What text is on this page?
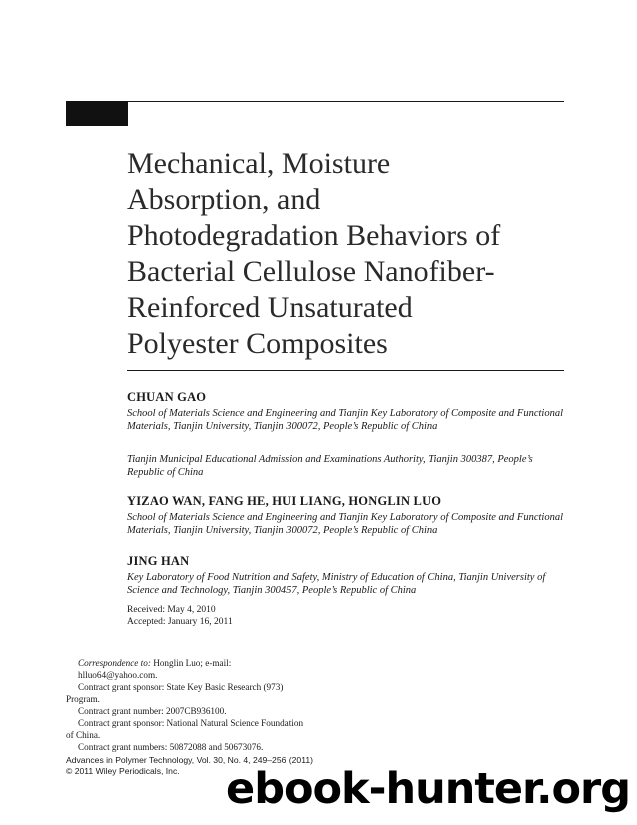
Mechanical, Moisture
Absorption, and
Photodegradation Behaviors of
Bacterial Cellulose Nanofiber-
Reinforced Unsaturated
Polyester Composites

CHUAN GAO

School of Materials Science and Engineering and Tianjin Key Laboratory of Composite and Functional
Materials, Tianjin University, Tianjin 300072, People’s Republic of China

Tianjin Municipal Educational Admission and Examinations Authority, Tianjin 300387, People’s
Republic of China

YIZAO WAN, FANG HE, HUI LIANG, HONGLIN LUO

School of Materials Science and Engineering and Tianjin Key Laboratory of Composite and Functional
Materials, Tianjin University, Tianjin 300072, People’s Republic of China

JING HAN

Key Laboratory of Food Nutrition and Safety, Ministry of Education of China, Tianjin University of
Science and Technology, Tianjin 300457, People’s Republic of China

Received: May 4, 2010
Accepted: January 16, 2011

Correspondence to: Honglin Luo; e-mail: hlluo64@yahoo.com.

Contract grant sponsor: State Key Basic Research (973)

Program.

Contract grant number: 2007CB936100.

Contract grant sponsor: National Natural Science Foundation

of China.

Contract grant numbers: 50872088 and 50673076.

Advances in Polymer Technology, Vol. 30, No. 4, 249–256 (2011)
© 2011 Wiley Periodicals, Inc.	ebook-hunter.org
